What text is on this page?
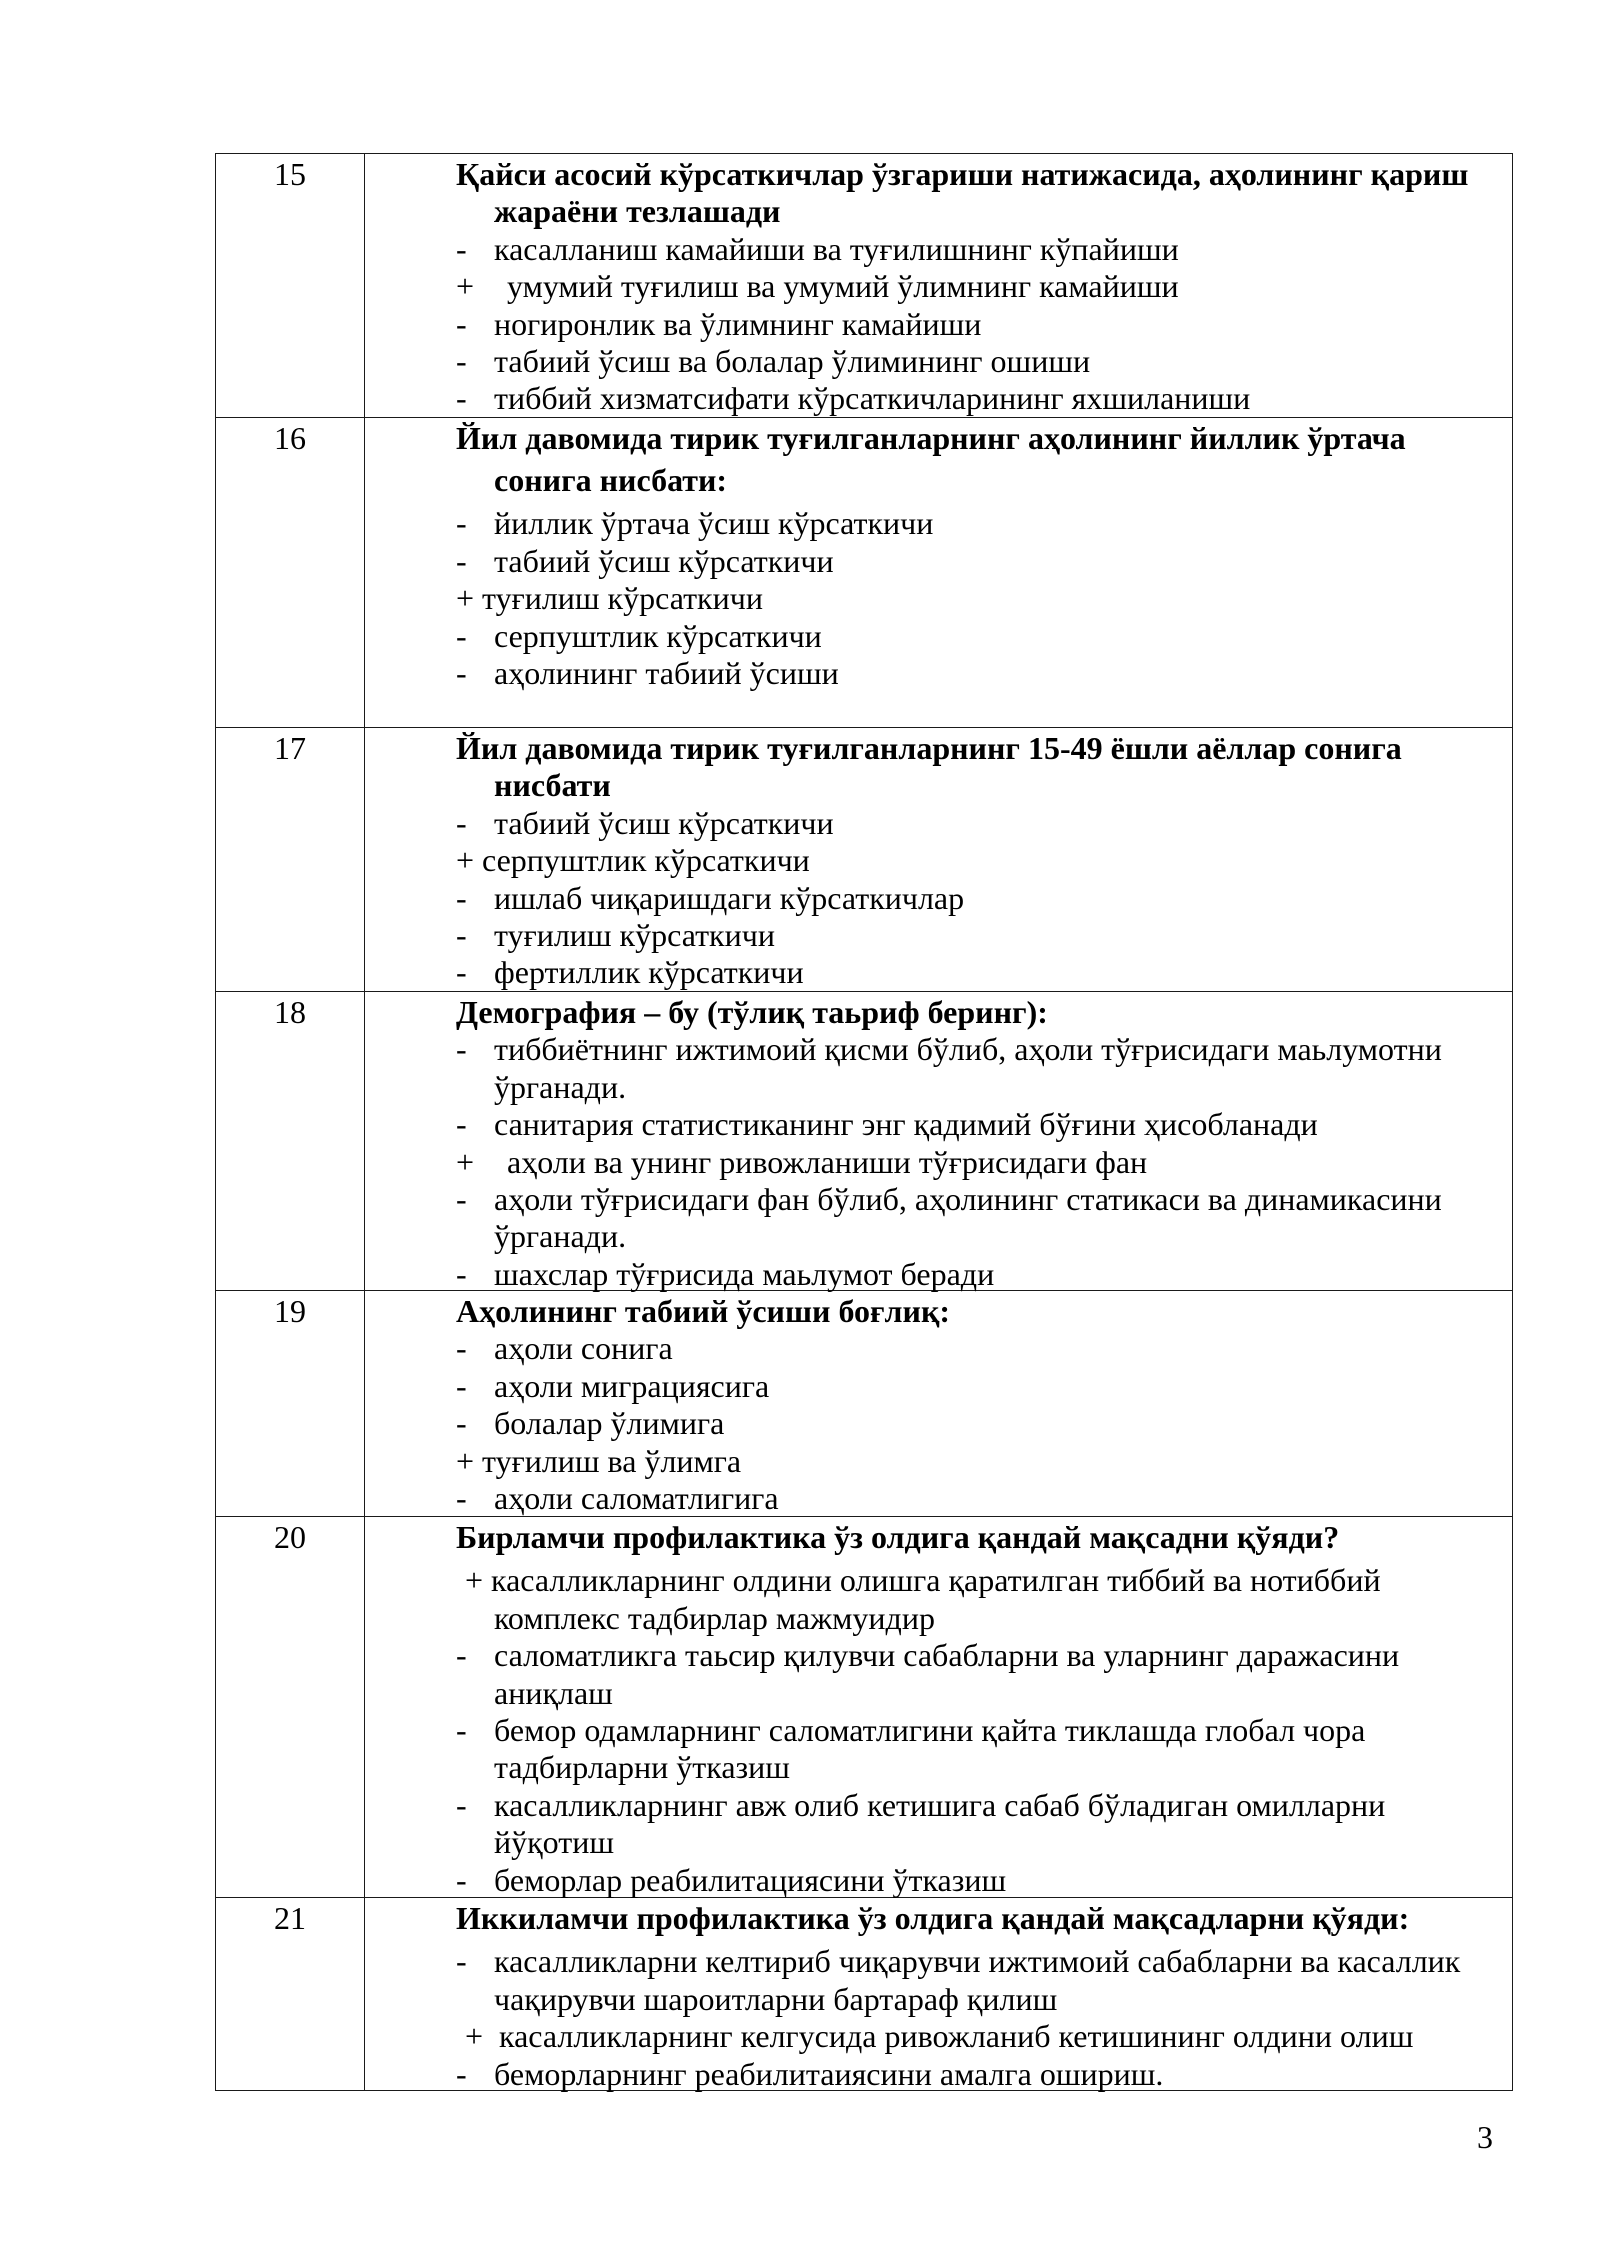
15	Қайси асосий кўрсаткичлар ўзгариши натижасида, аҳолининг қариш
жараёни тезлашади
- касалланиш камайиши ва туғилишнинг кўпайиши
+ умумий туғилиш ва умумий ўлимнинг камайиши
- ногиронлик ва ўлимнинг камайиши
- табиий ўсиш ва болалар ўлимининг ошиши
- тиббий хизматсифати кўрсаткичларининг яхшиланиши
16	Йил давомида тирик туғилганларнинг аҳолининг йиллик ўртача
сонига нисбати:
- йиллик ўртача ўсиш кўрсаткичи
- табиий ўсиш кўрсаткичи
+ туғилиш кўрсаткичи
- серпуштлик кўрсаткичи
- аҳолининг табиий ўсиши
17	Йил давомида тирик туғилганларнинг 15-49 ёшли аёллар сонига
нисбати
- табиий ўсиш кўрсаткичи
+ серпуштлик кўрсаткичи
- ишлаб чиқаришдаги кўрсаткичлар
- туғилиш кўрсаткичи
- фертиллик кўрсаткичи
18	Демография – бу (тўлиқ таьриф беринг):
- тиббиётнинг ижтимоий қисми бўлиб, аҳоли тўғрисидаги маьлумотни
ўрганади.
- санитария статистиканинг энг қадимий бўғини ҳисобланади
+ аҳоли ва унинг ривожланиши тўғрисидаги фан
- аҳоли тўғрисидаги фан бўлиб, аҳолининг статикаси ва динамикасини
ўрганади.
- шахслар тўғрисида маьлумот беради
19	Аҳолининг табиий ўсиши боғлиқ:
- аҳоли сонига
- аҳоли миграциясига
- болалар ўлимига
+ туғилиш ва ўлимга
- аҳоли саломатлигига
20	Бирламчи профилактика ўз олдига қандай мақсадни қўяди?
+ касалликларнинг олдини олишга қаратилган тиббий ва нотиббий
комплекс тадбирлар мажмуидир
- саломатликга таьсир қилувчи сабабларни ва уларнинг даражасини
аниқлаш
- бемор одамларнинг саломатлигини қайта тиклашда глобал чора
тадбирларни ўтказиш
- касалликларнинг авж олиб кетишига сабаб бўладиган омилларни
йўқотиш
- беморлар реабилитациясини ўтказиш
21	Иккиламчи профилактика ўз олдига қандай мақсадларни қўяди:
- касалликларни келтириб чиқарувчи ижтимоий сабабларни ва касаллик
чақирувчи шароитларни бартараф қилиш
+ касалликларнинг келгусида ривожланиб кетишининг олдини олиш
- беморларнинг реабилитаиясини амалга ошириш.
3
